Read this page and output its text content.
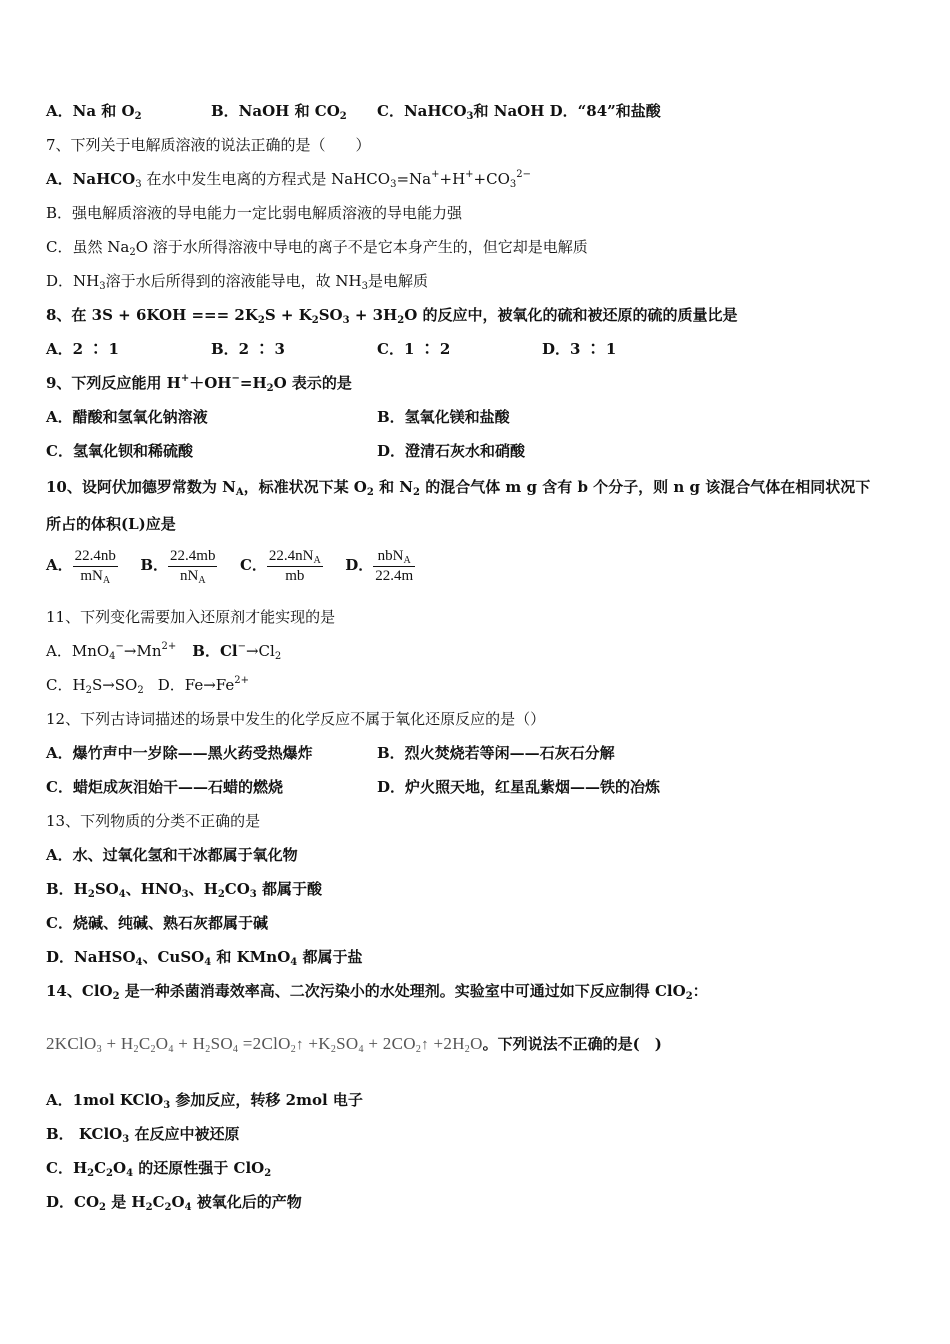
A．Na 和 $O_2$	B．NaOH 和 $CO_2$ C．NaHCO$_3$和 NaOH D．“84”和盐酸
7、下列关于电解质溶液的说法正确的是（　　）
A．NaHCO$_3$ 在水中发生电离的方程式是 $NaHCO_3=Na^++H^++CO_3^{2-}$
B．强电解质溶液的导电能力一定比弱电解质溶液的导电能力强
C．虽然 $Na_2O$ 溶于水所得溶液中导电的离子不是它本身产生的，但它却是电解质
D．$NH_3$溶于水后所得到的溶液能导电，故 $NH_3$是电解质
8、在 3S + 6KOH === $2K_2S + K_2SO_3 + 3H_2O$ 的反应中，被氧化的硫和被还原的硫的质量比是
A．2 ∶ 1	B．2 ∶ 3	C．1 ∶ 2	D．3 ∶ 1
9、下列反应能用 $H^++OH^-=H_2O$ 表示的是
A．醋酸和氢氧化钠溶液	B．氢氧化镁和盐酸
C．氢氧化钡和稀硫酸	D．澄清石灰水和硝酸
10、设阿伏加德罗常数为 $N_A$，标准状况下某 $O_2$ 和 $N_2$ 的混合气体 m g 含有 b 个分子，则 n g 该混合气体在相同状况下
所占的体积(L)应是
A． $\frac{22.4nb}{mN_A}$ B． $\frac{22.4mb}{nN_A}$ C． $\frac{22.4nN_A}{mb}$ D． $\frac{nbN_A}{22.4m}$
11、下列变化需要加入还原剂才能实现的是
A．$MnO_4^-\to Mn^{2+}$ B．$Cl^-\to Cl_2$
C．$H_2S\to SO_2$ D．$Fe\to Fe^{2+}$
12、下列古诗词描述的场景中发生的化学反应不属于氧化还原反应的是（）
A．爆竹声中一岁除——黑火药受热爆炸	B．烈火焚烧若等闲——石灰石分解
C．蜡炬成灰泪始干——石蜡的燃烧	D．炉火照天地，红星乱紫烟——铁的冶炼
13、下列物质的分类不正确的是
A．水、过氧化氢和干冰都属于氧化物
B．$H_2SO_4$、$HNO_3$、$H_2CO_3$ 都属于酸
C．烧碱、纯碱、熟石灰都属于碱
D．NaHSO$_4$、CuSO$_4$ 和 KMnO$_4$ 都属于盐
14、ClO$_2$ 是一种杀菌消毒效率高、二次污染小的水处理剂。实验室中可通过如下反应制得 ClO$_2$：
2KClO$_3$ + $H_2C_2O_4 + H_2SO_4$ =2ClO$_2$↑ $+K_2SO_4$ + $2CO_2↑ +2H_2O$。下列说法不正确的是(　)
A．1mol KClO$_3$ 参加反应，转移 2mol 电子
B． KClO$_3$ 在反应中被还原
C．$H_2C_2O_4$ 的还原性强于 ClO$_2$
D．$CO_2$ 是 $H_2C_2O_4$ 被氧化后的产物
